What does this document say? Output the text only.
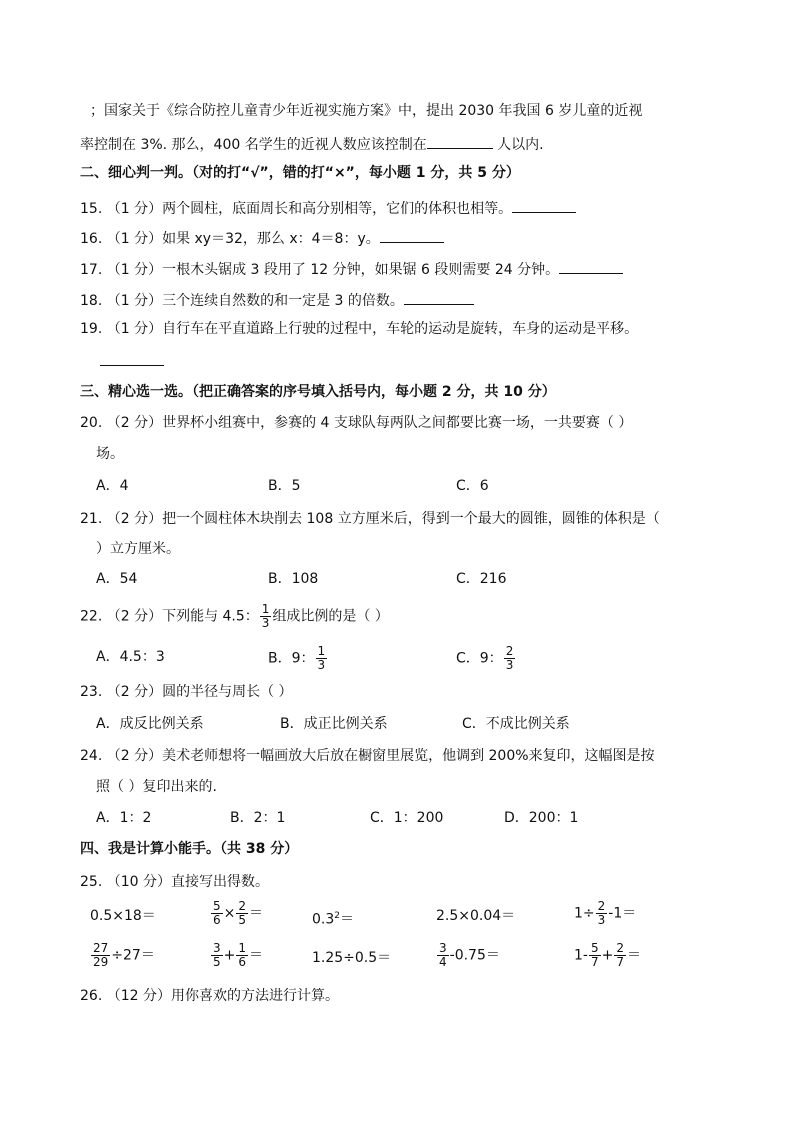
；国家关于《综合防控儿童青少年近视实施方案》中，提出 2030 年我国 6 岁儿童的近视
率控制在 3%. 那么，400 名学生的近视人数应该控制在	人以内.
二、细心判一判。（对的打“√”，错的打“×”，每小题 1 分，共 5 分）
15. （1 分）两个圆柱，底面周长和高分别相等，它们的体积也相等。
16. （1 分）如果 xy＝32，那么 x：4＝8：y。
17. （1 分）一根木头锯成 3 段用了 12 分钟，如果锯 6 段则需要 24 分钟。
18. （1 分）三个连续自然数的和一定是 3 的倍数。
19. （1 分）自行车在平直道路上行驶的过程中，车轮的运动是旋转，车身的运动是平移。
三、精心选一选。（把正确答案的序号填入括号内，每小题 2 分，共 10 分）
20. （2 分）世界杯小组赛中，参赛的 4 支球队每两队之间都要比赛一场，一共要赛（ ）
场。
A．4	B．5	C．6
21. （2 分）把一个圆柱体木块削去 108 立方厘米后，得到一个最大的圆锥，圆锥的体积是（
）立方厘米。
A．54	B．108	C．216
22. （2 分）下列能与 4.5： $\frac{1}{3}$ 组成比例的是（ ）
A．4.5：3	B．9： $\frac{1}{3}$	C．9： $\frac{2}{3}$
23. （2 分）圆的半径与周长（ ）
A．成反比例关系	B．成正比例关系	C．不成比例关系
24. （2 分）美术老师想将一幅画放大后放在橱窗里展览，他调到 200%来复印，这幅图是按
照（ ）复印出来的.
A．1：2	B．2：1	C．1：200	D．200：1
四、我是计算小能手。（共 38 分）
25. （10 分）直接写出得数。
0.5×18＝	$\frac{5}{6} \times \frac{2}{5}$ ＝	$0.3^2=$	2.5×0.04＝	$1\div \frac{2}{3} -1=$
$\frac{27}{29} \div 27=$	$\frac{3}{5} + \frac{1}{6}$ ＝	1.25÷0.5＝	$\frac{3}{4} -0.75=$	$1- \frac{5}{7} + \frac{2}{7}$ ＝
26. （12 分）用你喜欢的方法进行计算。
